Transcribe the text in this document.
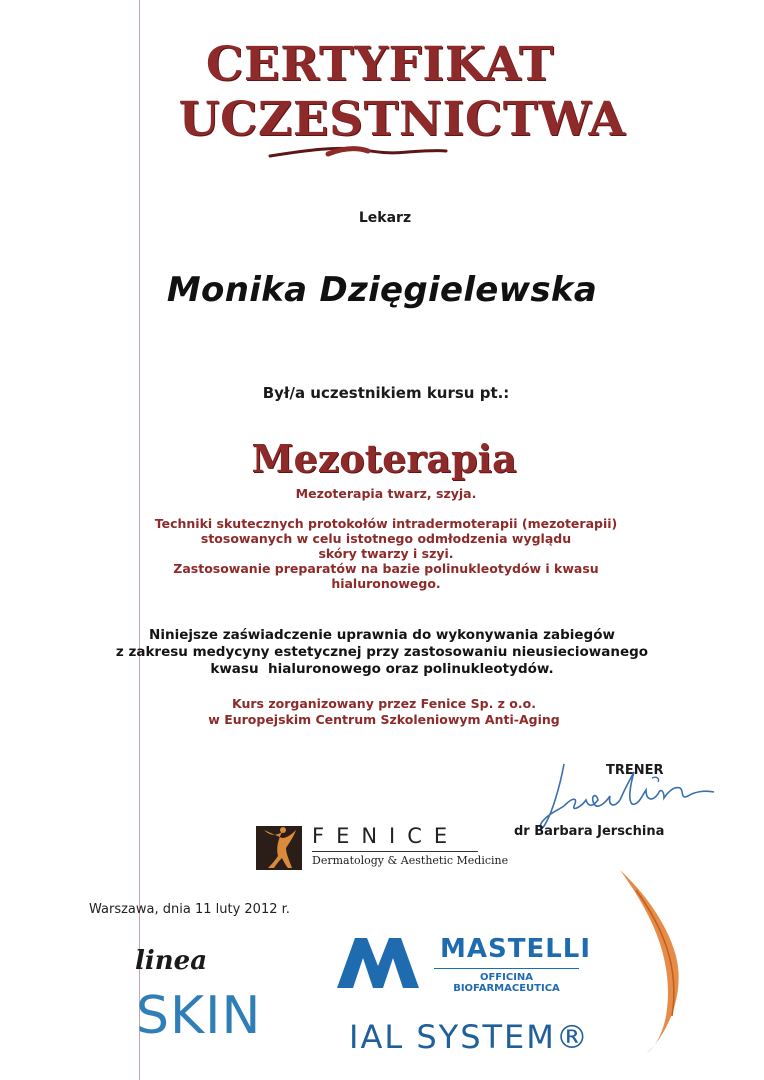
CERTYFIKAT
UCZESTNICTWA
Lekarz
Monika Dzięgielewska
Był/a uczestnikiem kursu pt.:
Mezoterapia
Mezoterapia twarz, szyja.
Techniki skutecznych protokołów intradermoterapii (mezoterapii)
stosowanych w celu istotnego odmłodzenia wyglądu
skóry twarzy i szyi.
Zastosowanie preparatów na bazie polinukleotydów i kwasu
hialuronowego.
Niniejsze zaświadczenie uprawnia do wykonywania zabiegów
z zakresu medycyny estetycznej przy zastosowaniu nieusieciowanego
kwasu  hialuronowego oraz polinukleotydów.
Kurs zorganizowany przez Fenice Sp. z o.o.
w Europejskim Centrum Szkoleniowym Anti-Aging
TRENER
dr Barbara Jerschina
FENICE
Dermatology & Aesthetic Medicine
Warszawa, dnia 11 luty 2012 r.
linea
SKIN
MASTELLI
OFFICINA BIOFARMACEUTICA
IAL SYSTEM®
